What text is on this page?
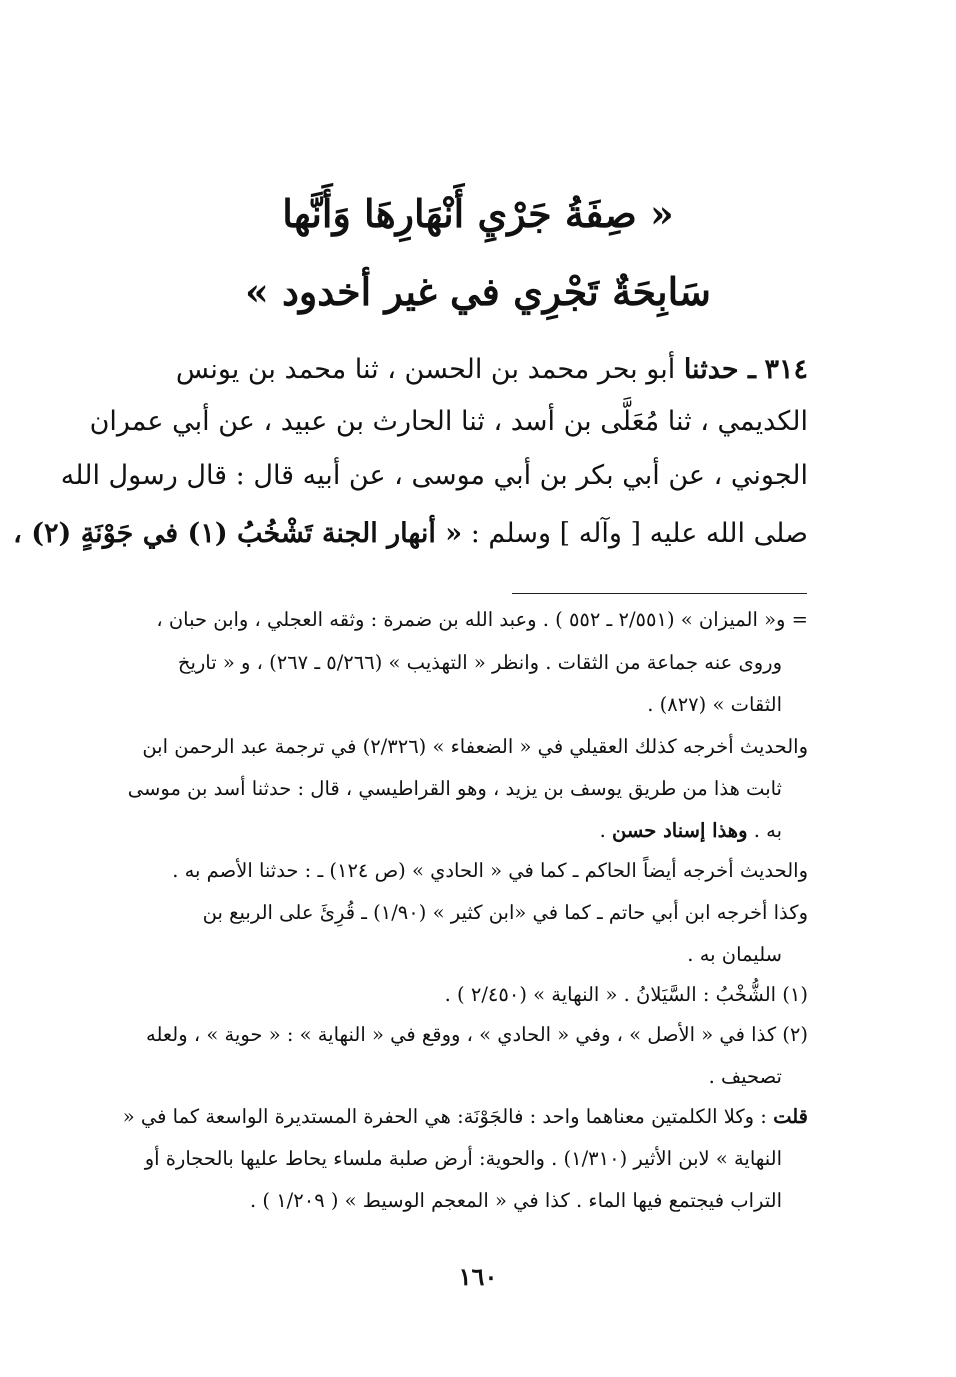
« صِفَةُ جَرْيِ أَنْهَارِهَا وَأَنَّها
سَابِحَةٌ تَجْرِي في غير أخدود »
٣١٤ ـ حدثنا أبو بحر محمد بن الحسن ، ثنا محمد بن يونس
الكديمي ، ثنا مُعَلَّى بن أسد ، ثنا الحارث بن عبيد ، عن أبي عمران
الجوني ، عن أبي بكر بن أبي موسى ، عن أبيه قال : قال رسول الله
صلى الله عليه [ وآله ] وسلم : « أنهار الجنة تَشْخُبُ (١) في جَوْنَةٍ (٢) ،
= و« الميزان » (٢/٥٥١ ـ ٥٥٢ ) . وعبد الله بن ضمرة : وثقه العجلي ، وابن حبان ،
وروى عنه جماعة من الثقات . وانظر « التهذيب » (٥/٢٦٦ ـ ٢٦٧) ، و « تاريخ
الثقات » (٨٢٧) .
والحديث أخرجه كذلك العقيلي في « الضعفاء » (٢/٣٢٦) في ترجمة عبد الرحمن ابن
ثابت هذا من طريق يوسف بن يزيد ، وهو القراطيسي ، قال : حدثنا أسد بن موسى
به . وهذا إسناد حسن .
والحديث أخرجه أيضاً الحاكم ـ كما في « الحادي » (ص ١٢٤) ـ : حدثنا الأصم به .
وكذا أخرجه ابن أبي حاتم ـ كما في «ابن كثير » (١/٩٠) ـ قُرِئَ على الربيع بن
سليمان به .
(١) الشُّخْبُ : السَّيَلانُ . « النهاية » (٢/٤٥٠ ) .
(٢) كذا في « الأصل » ، وفي « الحادي » ، ووقع في « النهاية » : « حوية » ، ولعله
تصحيف .
قلت : وكلا الكلمتين معناهما واحد : فالجَوْنَة: هي الحفرة المستديرة الواسعة كما في «
النهاية » لابن الأثير (١/٣١٠) . والحوية: أرض صلبة ملساء يحاط عليها بالحجارة أو
التراب فيجتمع فيها الماء . كذا في « المعجم الوسيط » ( ١/٢٠٩ ) .
١٦٠
